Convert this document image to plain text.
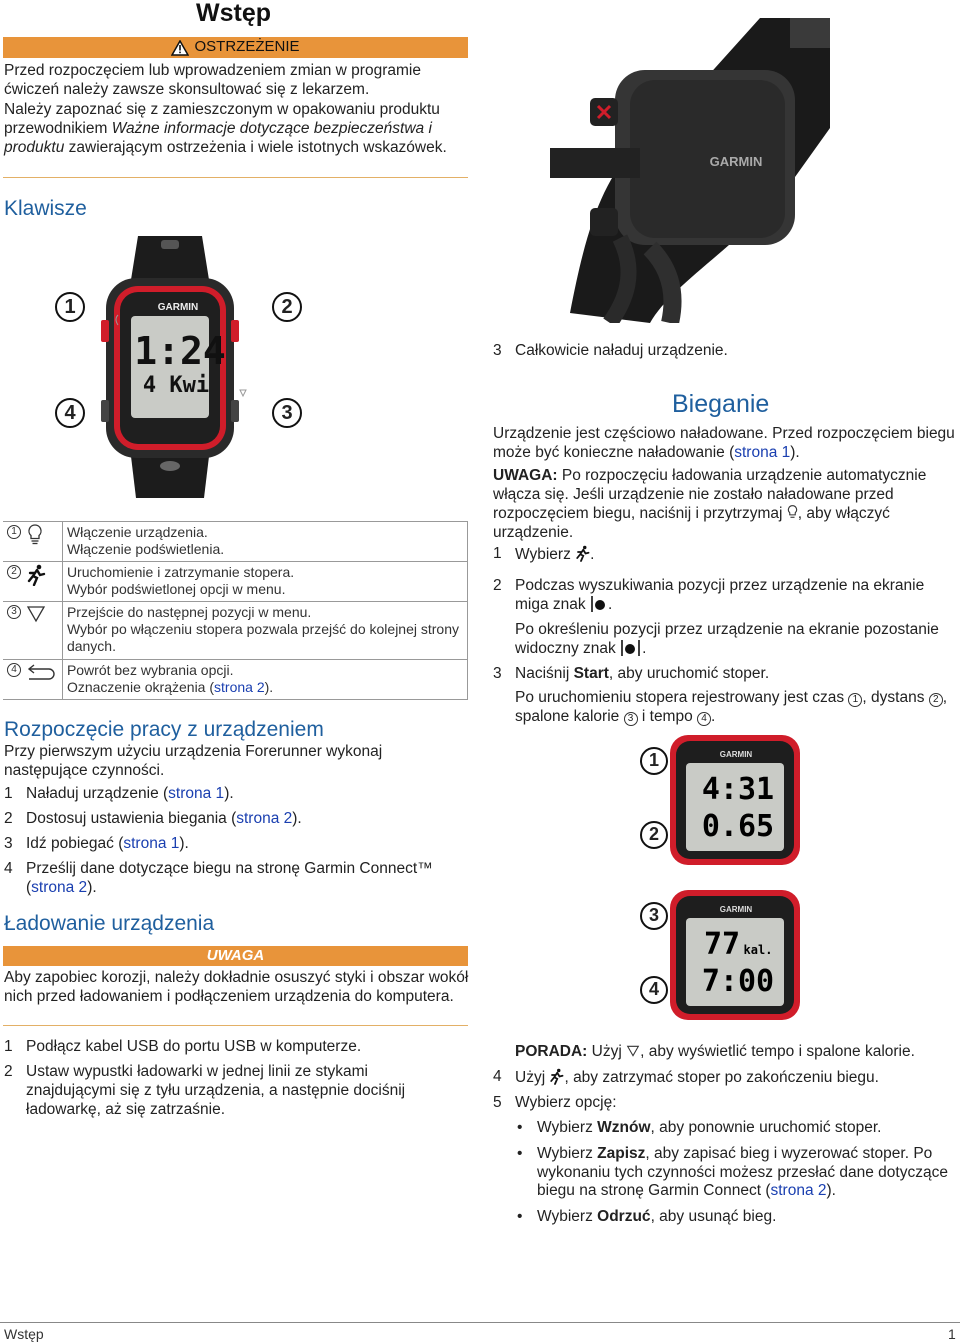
Wstęp
OSTRZEŻENIE

Przed rozpoczęciem lub wprowadzeniem zmian w programie ćwiczeń należy zawsze skonsultować się z lekarzem.

Należy zapoznać się z zamieszczonym w opakowaniu produktu przewodnikiem Ważne informacje dotyczące bezpieczeństwa i produktu zawierającym ostrzeżenia i wiele istotnych wskazówek.

Klawisze
GARMIN
1:24
4 Kwi
1	2
3
4
1	Włączenie urządzenia.
Włączenie podświetlenia.

2	Uruchomienie i zatrzymanie stopera.
Wybór podświetlonej opcji w menu.

3	Przejście do następnej pozycji w menu.
Wybór po włączeniu stopera pozwala przejść do kolejnej strony danych.

4	Powrót bez wybrania opcji.
Oznaczenie okrążenia (strona 2).
Rozpoczęcie pracy z urządzeniem

Przy pierwszym użyciu urządzenia Forerunner wykonaj następujące czynności.

1 Naładuj urządzenie (strona 1).
2 Dostosuj ustawienia biegania (strona 2).
3 Idź pobiegać (strona 1).
4 Prześlij dane dotyczące biegu na stronę Garmin Connect™ (strona 2).
Ładowanie urządzenia
UWAGA

Aby zapobiec korozji, należy dokładnie osuszyć styki i obszar wokół nich przed ładowaniem i podłączeniem urządzenia do komputera.

1 Podłącz kabel USB do portu USB w komputerze.
2 Ustaw wypustki ładowarki w jednej linii ze stykami znajdującymi się z tyłu urządzenia, a następnie dociśnij ładowarkę, aż się zatrzaśnie.
GARMIN
3 Całkowicie naładuj urządzenie.
Bieganie

Urządzenie jest częściowo naładowane. Przed rozpoczęciem biegu może być konieczne naładowanie (strona 1).

UWAGA: Po rozpoczęciu ładowania urządzenie automatycznie włącza się. Jeśli urządzenie nie zostało naładowane przed rozpoczęciem biegu, naciśnij i przytrzymaj , aby włączyć urządzenie.

1 Wybierz .
2 Podczas wyszukiwania pozycji przez urządzenie na ekranie miga znak .
Po określeniu pozycji przez urządzenie na ekranie pozostanie widoczny znak .
3 Naciśnij Start, aby uruchomić stoper.
Po uruchomieniu stopera rejestrowany jest czas 1 , dystans 2 , spalone kalorie 3 i tempo 4 .
GARMIN
4:31
0.65
1
2
GARMIN
77 kal.
7:00
3
4
PORADA: Użyj , aby wyświetlić tempo i spalone kalorie.
4 Użyj , aby zatrzymać stoper po zakończeniu biegu.
5 Wybierz opcję:
• Wybierz Wznów, aby ponownie uruchomić stoper.
• Wybierz Zapisz, aby zapisać bieg i wyzerować stoper. Po wykonaniu tych czynności możesz przesłać dane dotyczące biegu na stronę Garmin Connect (strona 2).
• Wybierz Odrzuć, aby usunąć bieg.
Wstęp	1
